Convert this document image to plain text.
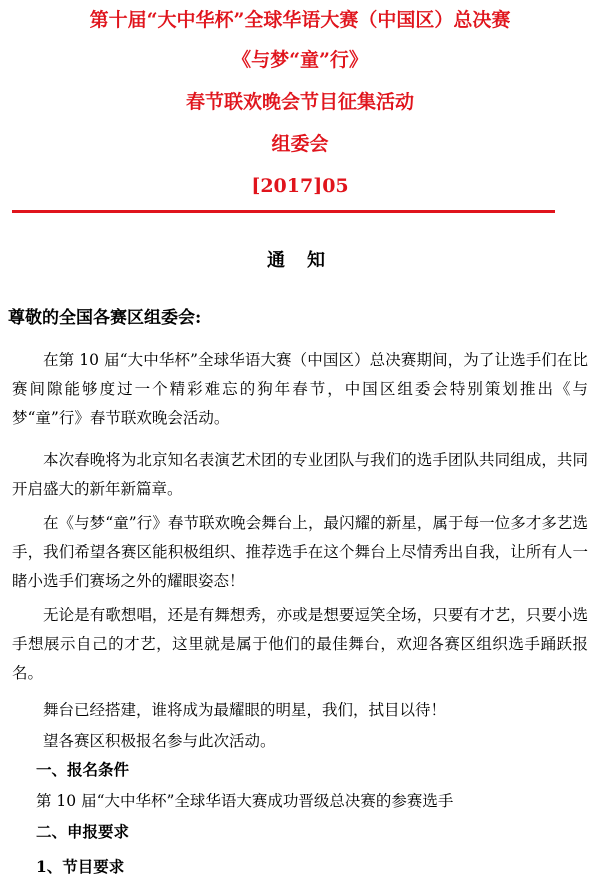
第十届“大中华杯”全球华语大赛（中国区）总决赛
《与梦“童”行》
春节联欢晚会节目征集活动
组委会
[2017]05
通知
尊敬的全国各赛区组委会:
在第 10 届“大中华杯”全球华语大赛（中国区）总决赛期间，为了让选手们在比赛间隙能够度过一个精彩难忘的狗年春节，中国区组委会特别策划推出《与梦“童”行》春节联欢晚会活动。
本次春晚将为北京知名表演艺术团的专业团队与我们的选手团队共同组成，共同开启盛大的新年新篇章。
在《与梦“童”行》春节联欢晚会舞台上，最闪耀的新星，属于每一位多才多艺选手，我们希望各赛区能积极组织、推荐选手在这个舞台上尽情秀出自我，让所有人一睹小选手们赛场之外的耀眼姿态！
无论是有歌想唱，还是有舞想秀，亦或是想要逗笑全场，只要有才艺，只要小选手想展示自己的才艺，这里就是属于他们的最佳舞台，欢迎各赛区组织选手踊跃报名。
舞台已经搭建，谁将成为最耀眼的明星，我们，拭目以待！
望各赛区积极报名参与此次活动。
一、报名条件
第 10 届“大中华杯”全球华语大赛成功晋级总决赛的参赛选手
二、申报要求
1、节目要求
